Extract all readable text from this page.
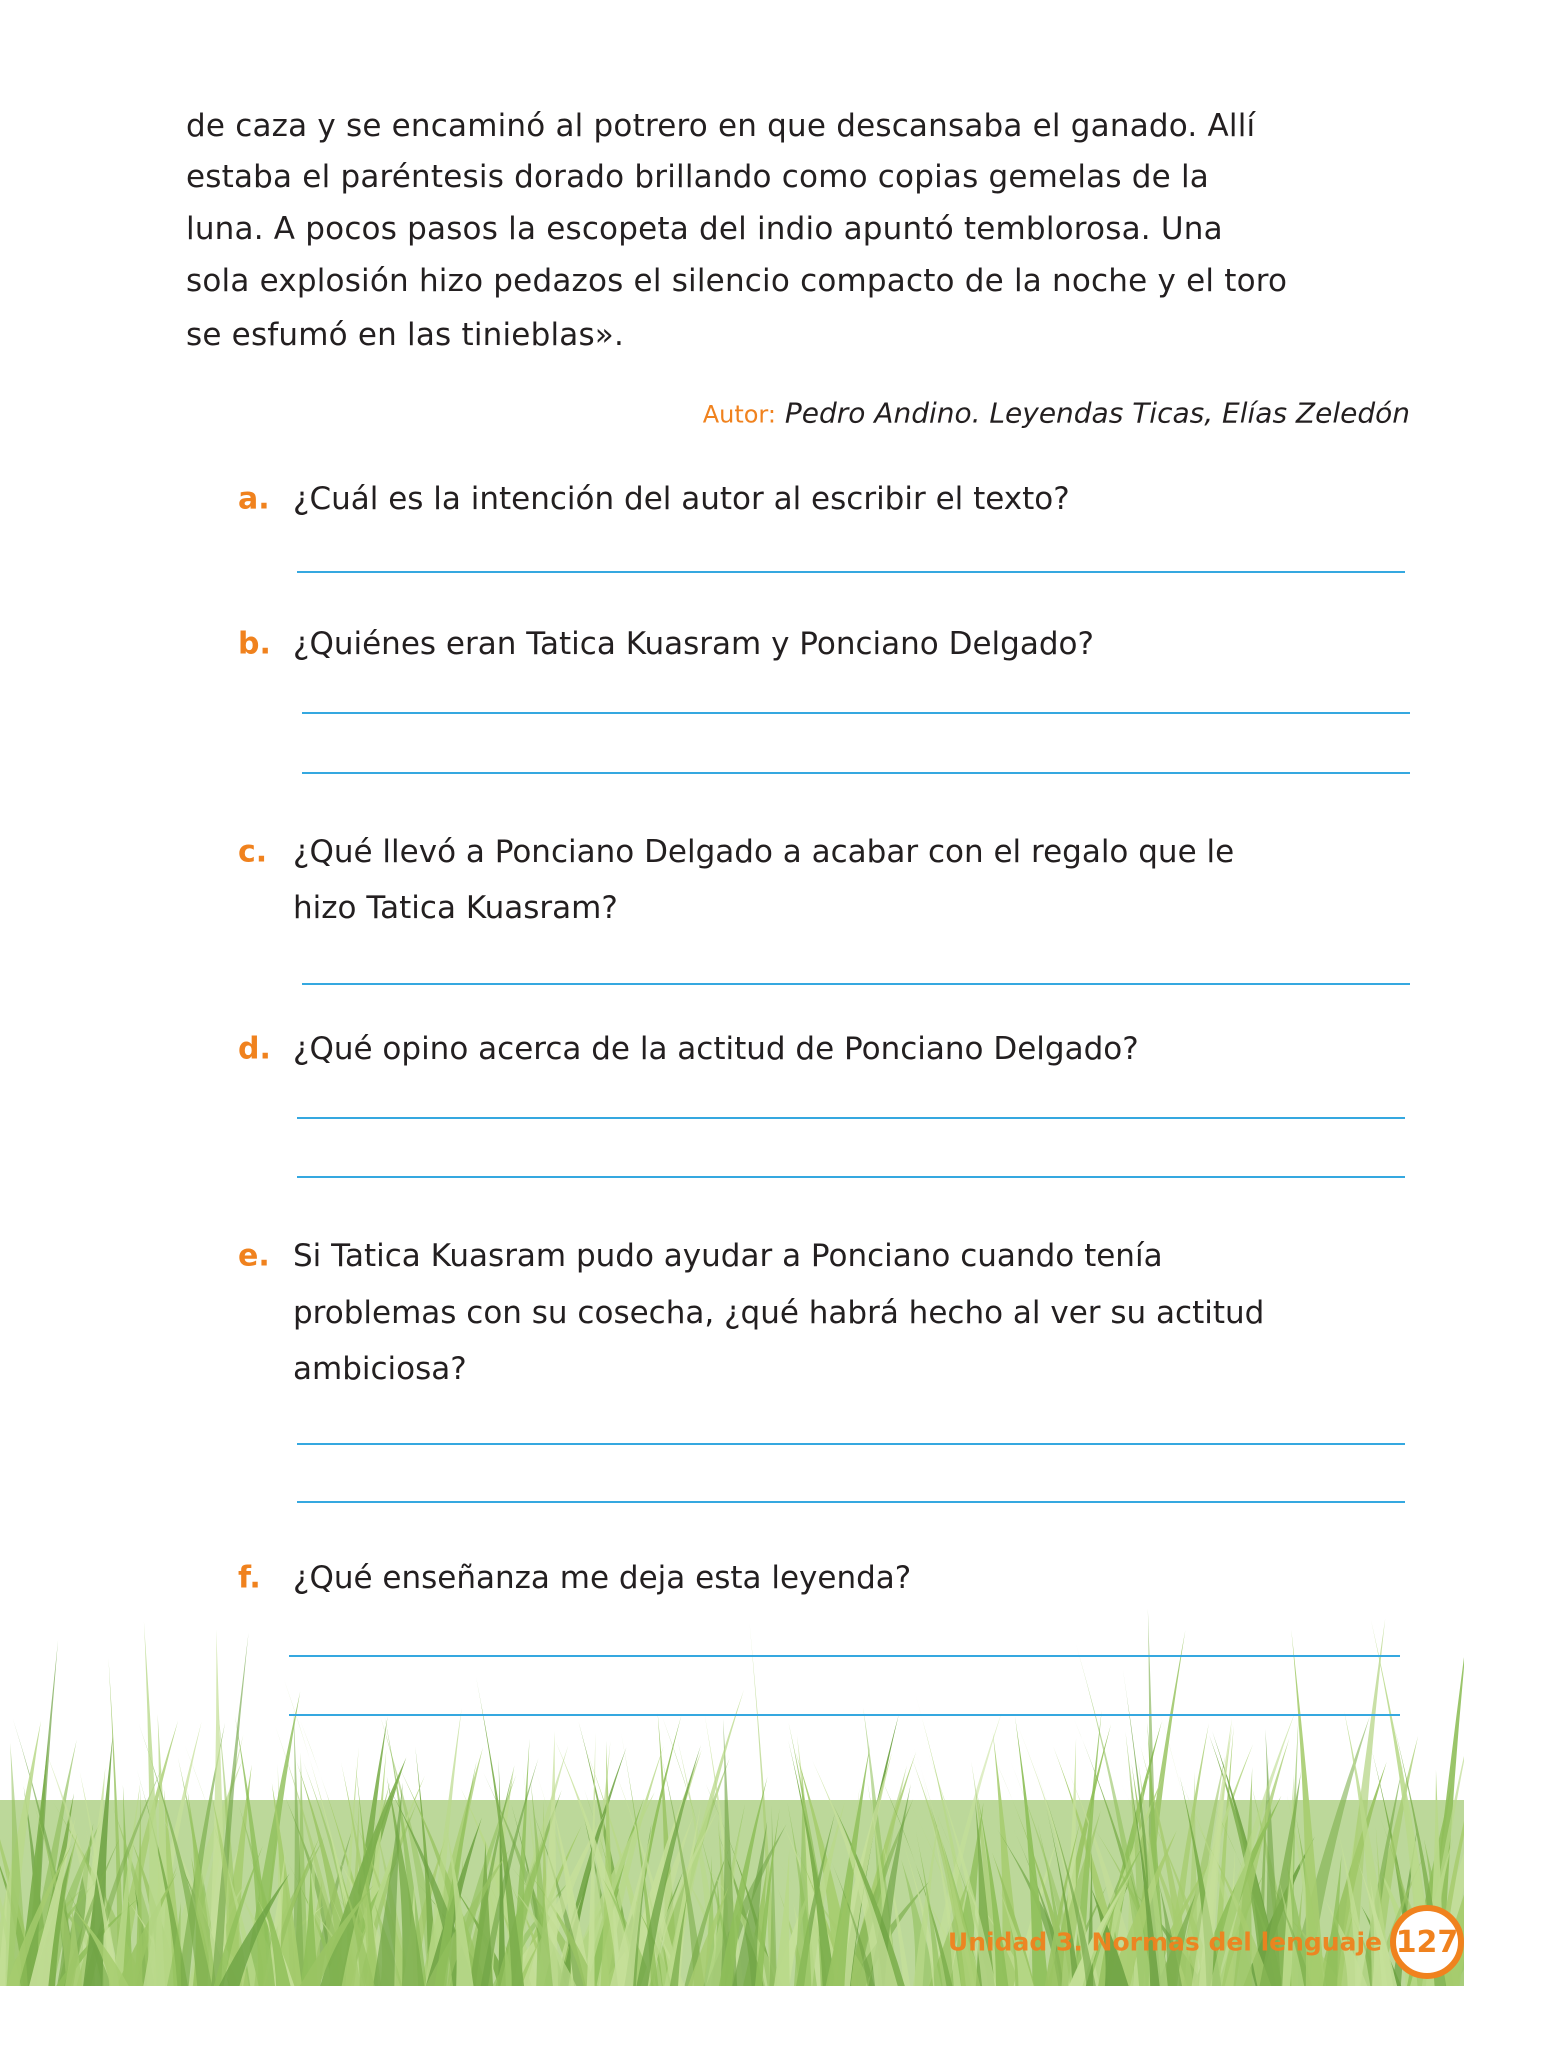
de caza y se encaminó al potrero en que descansaba el ganado. Allí
estaba el paréntesis dorado brillando como copias gemelas de la
luna. A pocos pasos la escopeta del indio apuntó temblorosa. Una
sola explosión hizo pedazos el silencio compacto de la noche y el toro
se esfumó en las tinieblas».
Autor: Pedro Andino. Leyendas Ticas, Elías Zeledón
a. ¿Cuál es la intención del autor al escribir el texto?
b. ¿Quiénes eran Tatica Kuasram y Ponciano Delgado?
c. ¿Qué llevó a Ponciano Delgado a acabar con el regalo que le
hizo Tatica Kuasram?
d. ¿Qué opino acerca de la actitud de Ponciano Delgado?
e. Si Tatica Kuasram pudo ayudar a Ponciano cuando tenía
problemas con su cosecha, ¿qué habrá hecho al ver su actitud
ambiciosa?
f. ¿Qué enseñanza me deja esta leyenda?
Unidad 3. Normas del lenguaje 127
